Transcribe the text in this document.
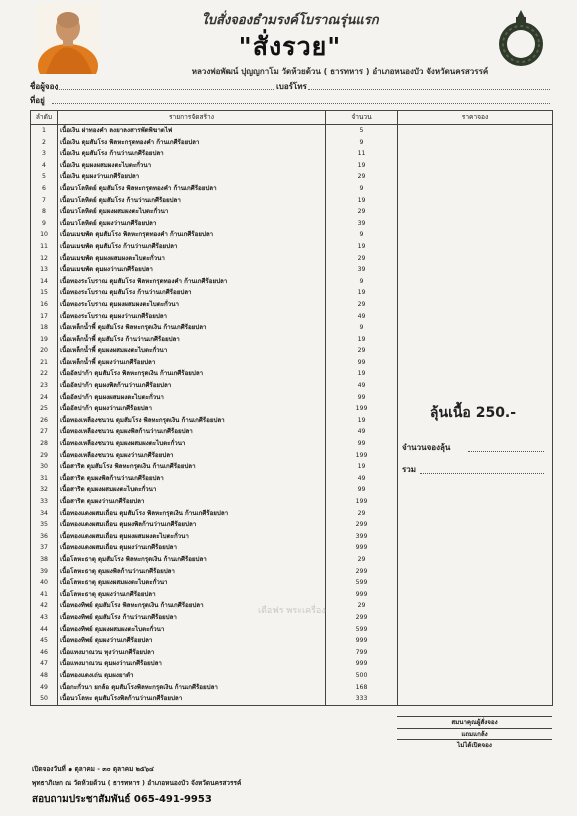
ใบสั่งจองธำมรงค์โบราณรุ่นแรก
"สั่งรวย"
หลวงพ่อพัฒน์ ปุญญกาโม วัดห้วยด้วน ( ธารทหาร ) อำเภอหนองบัว จังหวัดนครสวรรค์
ชื่อผู้จอง	เบอร์โทร
ที่อยู่
ลำดับ	รายการจัดสร้าง	จำนวน	ราคาจอง
1	เนื้อเงิน ฝาทองคำ ลงยาลงสารพัดพิฆาตไฟ	5	
2	เนื้อเงิน ดุมสัมโรง พิลหะกรุดทองคำ ก้านเกศีร้อยปลา	9	
3	เนื้อเงิน ดุมสัมโรง ก้านว่านเกศีร้อยปลา	11	
4	เนื้อเงิน ดุมผงผสมผงตะไบตะกั่วนา	19	
5	เนื้อเงิน ดุมผงว่านเกศีร้อยปลา	29	
6	เนื้อนวโลหิตย์ ดุมสัมโรง พิลหะกรุดทองคำ ก้านเกศีร้อยปลา	9	
7	เนื้อนวโลหิตย์ ดุมสัมโรง ก้านว่านเกศีร้อยปลา	19	
8	เนื้อนวโลหิตย์ ดุมผงผสมผงตะไบตะกั่วนา	29	
9	เนื้อนวโลหิตย์ ดุมผงว่านเกศีร้อยปลา	39	
10	เนื้อนเมฆพัด ดุมสัมโรง พิลหะกรุดทองคำ ก้านเกศีร้อยปลา	9	
11	เนื้อนเมฆพัด ดุมสัมโรง ก้านว่านเกศีร้อยปลา	19	
12	เนื้อนเมฆพัด ดุมผงผสมผงตะไบตะกั่วนา	29	
13	เนื้อนเมฆพัด ดุมผงว่านเกศีร้อยปลา	39	
14	เนื้อทองระโบราณ ดุมสัมโรง พิลหะกรุดทองคำ ก้านเกศีร้อยปลา	9	
15	เนื้อทองระโบราณ ดุมสัมโรง ก้านว่านเกศีร้อยปลา	19	
16	เนื้อทองระโบราณ ดุมผงผสมผงตะไบตะกั่วนา	29	
17	เนื้อทองระโบราณ ดุมผงว่านเกศีร้อยปลา	49	
18	เนื้อเหล็กน้ำพี้ ดุมสัมโรง พิลหะกรุดเงิน ก้านเกศีร้อยปลา	9	
19	เนื้อเหล็กน้ำพี้ ดุมสัมโรง ก้านว่านเกศีร้อยปลา	19	
20	เนื้อเหล็กน้ำพี้ ดุมผงผสมผงตะไบตะกั่วนา	29	
21	เนื้อเหล็กน้ำพี้ ดุมผงว่านเกศีร้อยปลา	99	
22	เนื้ออัลปาก้า ดุมสัมโรง พิลหะกรุดเงิน ก้านเกศีร้อยปลา	19	
23	เนื้ออัลปาก้า ดุมผงพิลก้านว่านเกศีร้อยปลา	49	
24	เนื้ออัลปาก้า ดุมผงผสมผงตะไบตะกั่วนา	99	
25	เนื้ออัลปาก้า ดุมผงว่านเกศีร้อยปลา	199	
26	เนื้อทองเหลืองชนวน ดุมสัมโรง พิลหะกรุดเงิน ก้านเกศีร้อยปลา	19	
27	เนื้อทองเหลืองชนวน ดุมผงพิลก้านว่านเกศีร้อยปลา	49	
28	เนื้อทองเหลืองชนวน ดุมผงผสมผงตะไบตะกั่วนา	99	
29	เนื้อทองเหลืองชนวน ดุมผงว่านเกศีร้อยปลา	199	
30	เนื้อสาริด ดุมสัมโรง พิลหะกรุดเงิน ก้านเกศีร้อยปลา	19	
31	เนื้อสาริด ดุมผงพิลก้านว่านเกศีร้อยปลา	49	
32	เนื้อสาริด ดุมผงผสมผงตะไบตะกั่วนา	99	
33	เนื้อสาริด ดุมผงว่านเกศีร้อยปลา	199	
34	เนื้อทองแดงผสมเถื่อน ดุมสัมโรง พิลหะกรุดเงิน ก้านเกศีร้อยปลา	29	
35	เนื้อทองแดงผสมเถื่อน ดุมผงพิลก้านว่านเกศีร้อยปลา	299	
36	เนื้อทองแดงผสมเถื่อน ดุมผงผสมผงตะไบตะกั่วนา	399	
37	เนื้อทองแดงผสมเถื่อน ดุมผงว่านเกศีร้อยปลา	999	
38	เนื้อโลหะธาตุ ดุมสัมโรง พิลหะกรุดเงิน ก้านเกศีร้อยปลา	29	
39	เนื้อโลหะธาตุ ดุมผงพิลก้านว่านเกศีร้อยปลา	299	
40	เนื้อโลหะธาตุ ดุมผงผสมผงตะไบตะกั่วนา	599	
41	เนื้อโลหะธาตุ ดุมผงว่านเกศีร้อยปลา	999	
42	เนื้อทองทิพย์ ดุมสัมโรง พิลหะกรุดเงิน ก้านเกศีร้อยปลา	29	
43	เนื้อทองทิพย์ ดุมสัมโรง ก้านว่านเกศีร้อยปลา	299	
44	เนื้อทองทิพย์ ดุมผงผสมผงตะไบตะกั่วนา	599	
45	เนื้อทองทิพย์ ดุมผงว่านเกศีร้อยปลา	999	
46	เนื้อแทงมาณวน ทุงว่านเกศีร้อยปลา	799	
47	เนื้อแทงมาณวน ดุมผงว่านเกศีร้อยปลา	999	
48	เนื้อทองแดงเถ่น ดุมผงยาดำ	500	
49	เนื้อกะกั่วนา ยกล้อ ดุมสัมโรงพิลหะกรุดเงิน ก้านเกศีร้อยปลา	168	
50	เนื้อนวโลหะ ดุมสัมโรงพิลก้านว่านเกศีร้อยปลา	333	
ลุ้นเนื้อ 250.-
จำนวนจองลุ้น
รวม
สมนาคุณผู้สั่งจอง
แถมแกล้ง
ไม่ได้เปิดจอง
เดือฟร พระเครื่อง
เปิดจองวันที่ ๑ ตุลาคม - ๓๐ ตุลาคม ๒๕๖๔
พุทธาภิเษก ณ วัดห้วยด้วน ( ธารทหาร ) อำเภอหนองบัว จังหวัดนครสวรรค์
สอบถามประชาสัมพันธ์ 065-491-9953
